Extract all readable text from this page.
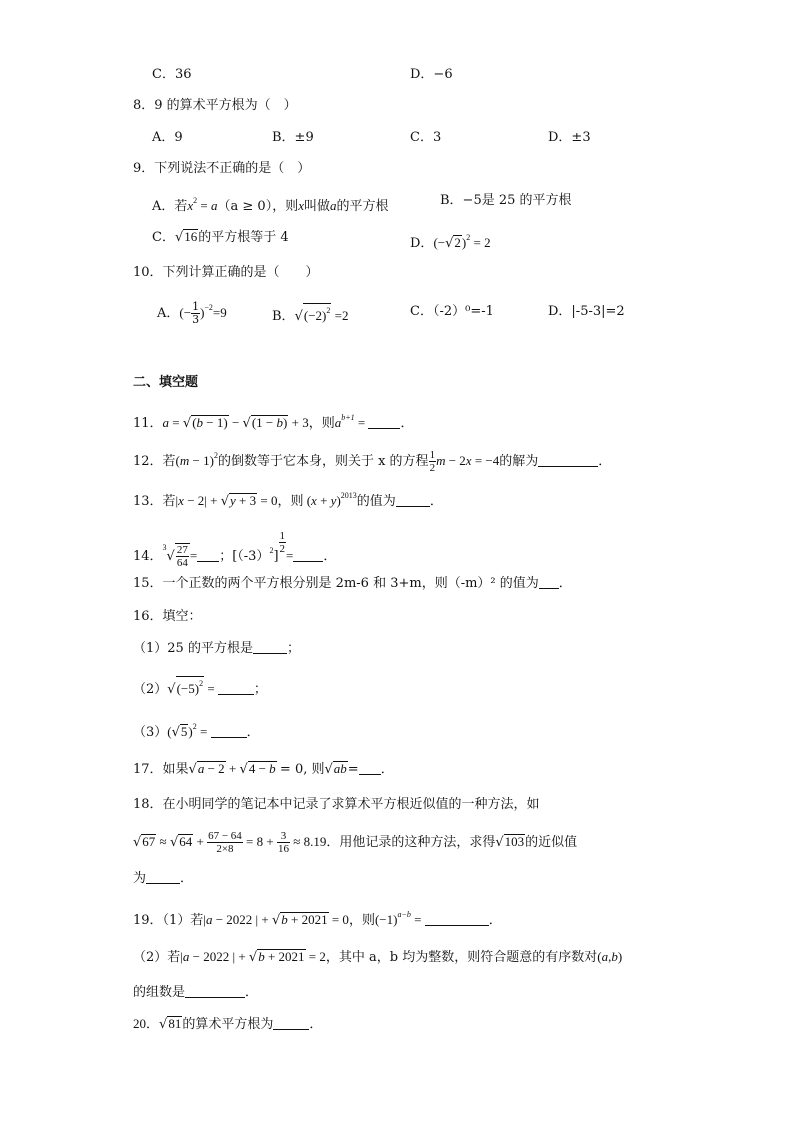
C．36	D．−6
8．9 的算术平方根为（　）
A．9	B．±9	C．3	D．±3
9．下列说法不正确的是（　）
A．若$x^2 = a(a \ge 0)$，则x叫做a的平方根	B．−5是 25 的平方根
C．√16的平方根等于 4	D．$(-√2)^2 = 2$
10．下列计算正确的是（　　）
A．(− $\frac{1}{3} )^{-2}=9$	B．$√(-2)^2 =2$	C．（-2）⁰=-1	D．|-5-3|=2
二、填空题
11．a = √(b − 1) − √(1 − b) + 3，则$a^{b+1}$ = ．
12．若$(m - 1)^2$的倒数等于它本身，则关于 x 的方程 $\frac{1}{2}$ m − 2x = −4的解为	．
13．若|x − 2| + √y + 3 = 0，则 $(x + y)^{2013}$的值为	．
14．$^3√ \frac{27}{64}$ = ；$[(-3)^2]$
$\frac{1}{2}$
= ．
15．一个正数的两个平方根分别是 2m-6 和 3+m，则（-m）² 的值为 ．
16．填空：
（1）25 的平方根是	；
$(2)√(-5)^2$ =	；
$(3)(√5)^2$ =	．
17．如果√a − 2 + √4 − b = 0, 则√ab= ．
18．在小明同学的笔记本中记录了求算术平方根近似值的一种方法，如
$√67 \approx √64 + \frac{67 - 64}{2\times 8} = 8 + \frac{3}{16} \approx 8.19$．用他记录的这种方法，求得√103的近似值
为	．
19．（1）若|a − 2022 | + √b + 2021 = 0，则$(-1)^{a-b}$ =	．
（2）若|a − 2022 | + √b + 2021 = 2，其中 a，b 均为整数，则符合题意的有序数对(a,b)
的组数是	．
20．√81的算术平方根为	．
